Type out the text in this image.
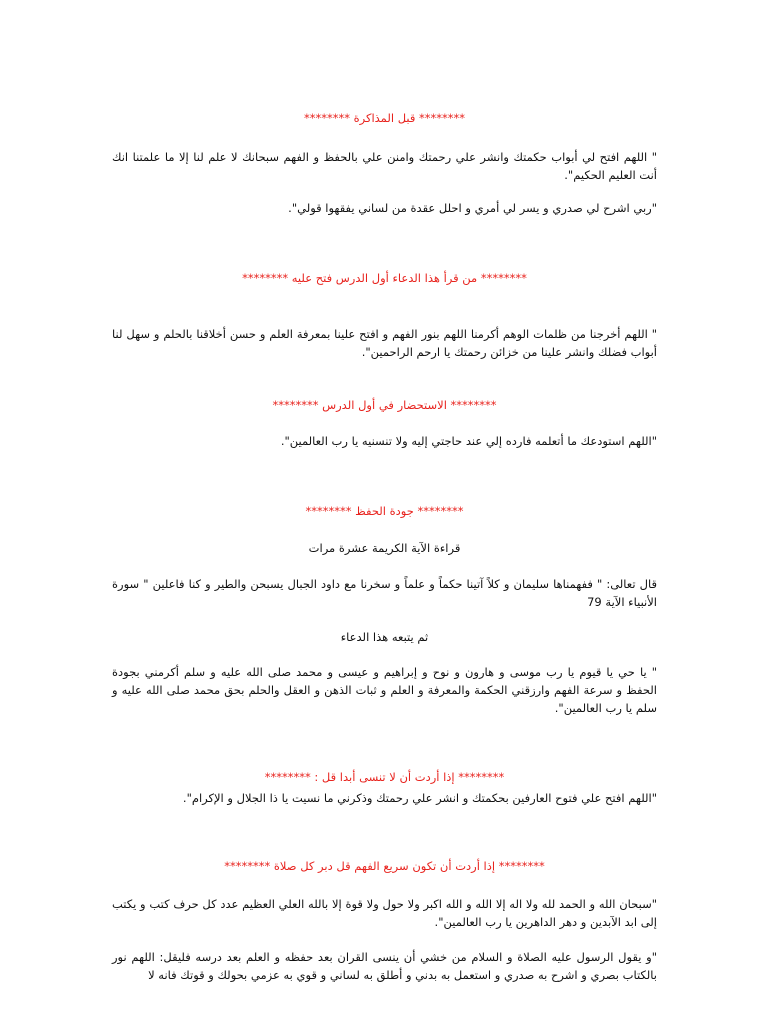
******** قبل المذاكرة ********
" اللهم افتح لي أبواب حكمتك وانشر علي رحمتك وامنن علي بالحفظ و الفهم سبحانك لا علم لنا إلا ما علمتنا انك أنت العليم الحكيم".
"ربي اشرح لي صدري و يسر لي أمري و احلل عقدة من لساني يفقهوا قولي".
******** من قرأ هذا الدعاء أول الدرس فتح عليه ********
" اللهم أخرجنا من ظلمات الوهم أكرمنا اللهم بنور الفهم و افتح علينا بمعرفة العلم و حسن أخلاقنا بالحلم و سهل لنا أبواب فضلك وانشر علينا من خزائن رحمتك يا ارحم الراحمين".
******** الاستحضار في أول الدرس ********
"اللهم استودعك ما أتعلمه فارده إلي عند حاجتي إليه ولا تنسنيه يا رب العالمين".
******** جودة الحفظ ********
قراءة الآية الكريمة عشرة مرات
قال تعالى: " ففهمناها سليمان و كلاً آتينا حكماً و علماً و سخرنا مع داود الجبال يسبحن والطير و كنا فاعلين " سورة الأنبياء الآية 79
ثم يتبعه هذا الدعاء
" يا حي يا قيوم يا رب موسى و هارون و نوح و إبراهيم و عيسى و محمد صلى الله عليه و سلم أكرمني بجودة الحفظ و سرعة الفهم وارزقني الحكمة والمعرفة و العلم و ثبات الذهن و العقل والحلم بحق محمد صلى الله عليه و سلم يا رب العالمين".
******** إذا أردت أن لا تنسى أبدا قل : ********
"اللهم افتح علي فتوح العارفين بحكمتك و انشر علي رحمتك وذكرني ما نسيت يا ذا الجلال و الإكرام".
******** إذا أردت أن تكون سريع الفهم قل دبر كل صلاة ********
"سبحان الله و الحمد لله ولا اله إلا الله و الله اكبر ولا حول ولا قوة إلا بالله العلي العظيم عدد كل حرف كتب و يكتب إلى ابد الآبدين و دهر الداهرين يا رب العالمين".
"و يقول الرسول عليه الصلاة و السلام من خشي أن ينسى القران بعد حفظه و العلم بعد درسه فليقل: اللهم نور بالكتاب بصري و اشرح به صدري و استعمل به بدني و أطلق به لساني و قوي به عزمي بحولك و قوتك فانه لا
